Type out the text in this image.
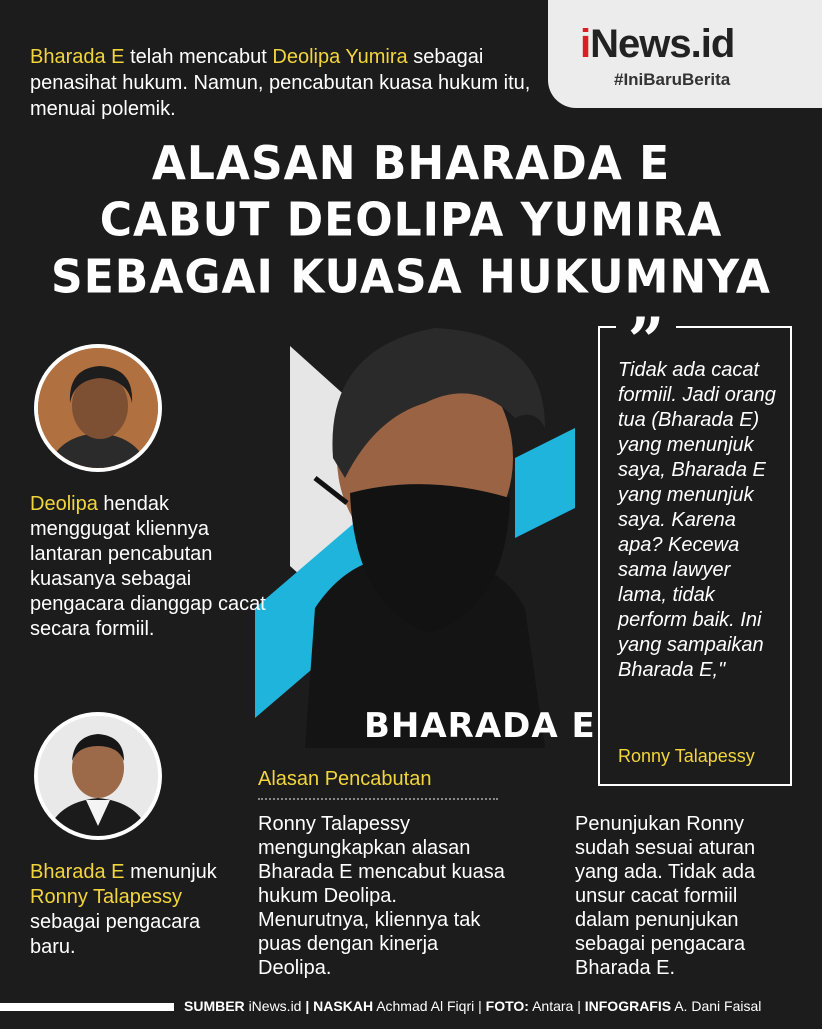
iNews.id
#IniBaruBerita
Bharada E telah mencabut Deolipa Yumira sebagai penasihat hukum. Namun, pencabutan kuasa hukum itu, menuai polemik.
ALASAN BHARADA E
CABUT DEOLIPA YUMIRA
SEBAGAI KUASA HUKUMNYA
BHARADA E
Deolipa hendak menggugat kliennya lantaran pencabutan kuasanya sebagai pengacara dianggap cacat secara formiil.
Bharada E menunjuk Ronny Talapessy sebagai pengacara baru.
”
Tidak ada cacat formiil. Jadi orang tua (Bharada E) yang menunjuk saya, Bharada E yang menunjuk saya. Karena apa? Kecewa sama lawyer lama, tidak perform baik. Ini yang sampaikan Bharada E,"
Ronny Talapessy
Alasan Pencabutan
Ronny Talapessy mengungkapkan alasan Bharada E mencabut kuasa hukum Deolipa. Menurutnya, kliennya tak puas dengan kinerja Deolipa.
Penunjukan Ronny sudah sesuai aturan yang ada. Tidak ada unsur cacat formiil dalam penunjukan sebagai pengacara Bharada E.
SUMBER iNews.id | NASKAH Achmad Al Fiqri | FOTO: Antara | INFOGRAFIS A. Dani Faisal
